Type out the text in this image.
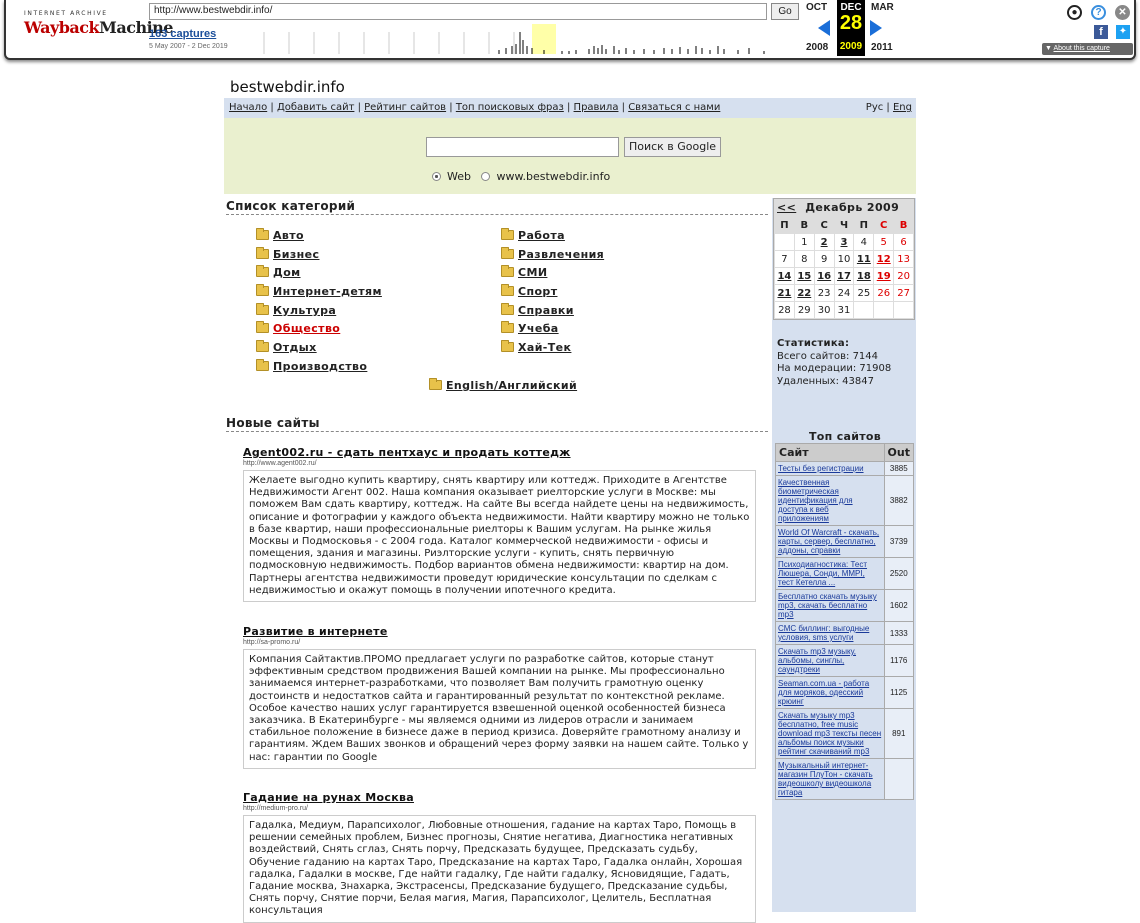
INTERNET ARCHIVE
WaybackMachine
http://www.bestwebdir.info/	Go
163 captures
5 May 2007 - 2 Dec 2019
OCT	DEC
28
2009
MAR
2008	2011
●	?	✕
f	✦
▼ About this capture
bestwebdir.info
Начало | Добавить сайт | Рейтинг сайтов | Топ поисковых фраз | Правила | Связаться с нами	Рус | Eng
Поиск в Google
Web www.bestwebdir.info
Список категорий
Авто
Бизнес
Дом
Интернет-детям
Культура
Общество
Отдых
Производство
Работа
Развлечения
СМИ
Спорт
Справки
Учеба
Хай-Тек
English/Английский
Новые сайты
Agent002.ru - сдать пентхаус и продать коттедж
http://www.agent002.ru/
Желаете выгодно купить квартиру, снять квартиру или коттедж. Приходите в Агентстве Недвижимости Агент 002. Наша компания оказывает риелторские услуги в Москве: мы поможем Вам сдать квартиру, коттедж. На сайте Вы всегда найдете цены на недвижимость, описание и фотографии у каждого объекта недвижимости. Найти квартиру можно не только в базе квартир, наши профессиональные риелторы к Вашим услугам. На рынке жилья Москвы и Подмосковья - с 2004 года. Каталог коммерческой недвижимости - офисы и помещения, здания и магазины. Риэлторские услуги - купить, снять первичную подмосковную недвижимость. Подбор вариантов обмена недвижимости: квартир на дом. Партнеры агентства недвижимости проведут юридические консультации по сделкам с недвижимостью и окажут помощь в получении ипотечного кредита.
Развитие в интернете
http://sa-promo.ru/
Компания Сайтактив.ПРОМО предлагает услуги по разработке сайтов, которые станут эффективным средством продвижения Вашей компании на рынке. Мы профессионально занимаемся интернет-разработками, что позволяет Вам получить грамотную оценку достоинств и недостатков сайта и гарантированный результат по контекстной рекламе. Особое качество наших услуг гарантируется взвешенной оценкой особенностей бизнеса заказчика. В Екатеринбурге - мы являемся одними из лидеров отрасли и занимаем стабильное положение в бизнесе даже в период кризиса. Доверяйте грамотному анализу и гарантиям. Ждем Ваших звонков и обращений через форму заявки на нашем сайте. Только у нас: гарантии по Google
Гадание на рунах Москва
http://medium-pro.ru/
Гадалка, Медиум, Парапсихолог, Любовные отношения, гадание на картах Таро, Помощь в решении семейных проблем, Бизнес прогнозы, Снятие негатива, Диагностика негативных воздействий, Снять сглаз, Снять порчу, Предсказать будущее, Предсказать судьбу, Обучение гаданию на картах Таро, Предсказание на картах Таро, Гадалка онлайн, Хорошая гадалка, Гадалки в москве, Где найти гадалку, Где найти гадалку, Ясновидящие, Гадать, Гадание москва, Знахарка, Экстрасенсы, Предсказание будущего, Предсказание судьбы, Снять порчу, Снятие порчи, Белая магия, Магия, Парапсихолог, Целитель, Бесплатная консультация
<< Декабрь 2009
П	В	С	Ч	П	С	В
	1	2	3	4	5	6
7	8	9	10	11	12	13
14	15	16	17	18	19	20
21	22	23	24	25	26	27
28	29	30	31			
Статистика:
Всего сайтов: 7144
На модерации: 71908
Удаленных: 43847
Топ сайтов
Сайт	Out
Тесты без регистрации	3885
Качественная биометрическая идентификация для доступа к веб приложениям	3882
World Of Warcraft - скачать, карты, сервер, бесплатно, аддоны, справки	3739
Психодиагностика: Тест Люшера, Сонди, ММРІ, тест Кетелла ...	2520
Бесплатно скачать музыку mp3, скачать бесплатно mp3	1602
СМС биллинг: выгодные условия, sms услуги	1333
Скачать mp3 музыку, альбомы, синглы, саундтреки	1176
Seaman.com.ua - работа для моряков, одесский крюинг	1125
Скачать музыку mp3 бесплатно, free music download mp3 тексты песен альбомы поиск музыки рейтинг скачиваний mp3	891
Музыкальный интернет-магазин ПлуТон - скачать видеошколу видеошкола гитара	
